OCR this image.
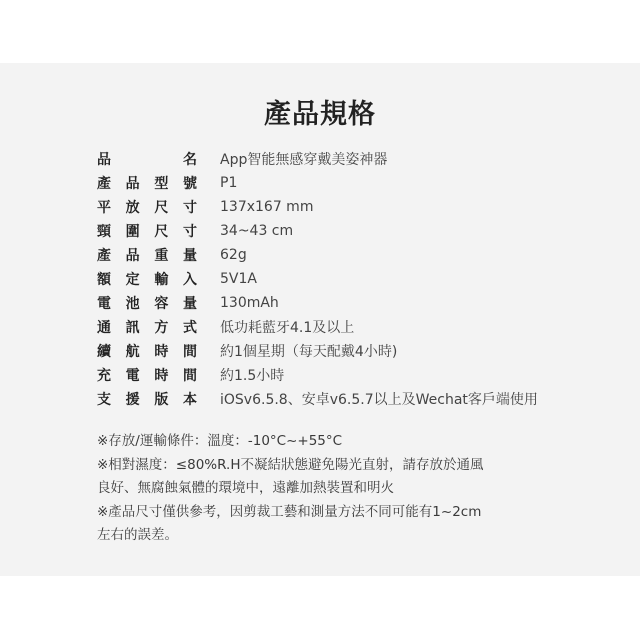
產品規格
品	名 App智能無感穿戴美姿神器
產 品 型 號 P1
平 放 尺 寸 137x167 mm
頸 圍 尺 寸 34~43 cm
產 品 重 量 62g
額 定 輸 入 5V1A
電 池 容 量 130mAh
通 訊 方 式 低功耗藍牙4.1及以上
續 航 時 間 約1個星期（每天配戴4小時)
充 電 時 間 約1.5小時
支 援 版 本 iOSv6.5.8、安卓v6.5.7以上及Wechat客戶端使用

※存放/運輸條件：溫度：-10°C~+55°C

※相對濕度：≤80%R.H不凝結狀態避免陽光直射，請存放於通風

良好、無腐蝕氣體的環境中，遠離加熱裝置和明火

※產品尺寸僅供參考，因剪裁工藝和測量方法不同可能有1~2cm

左右的誤差。
